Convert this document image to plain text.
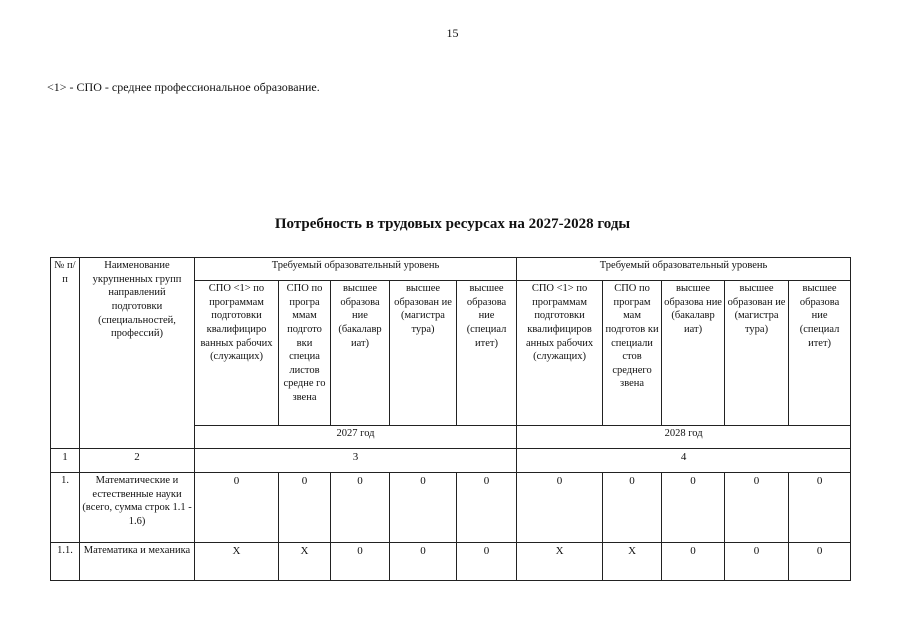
15
<1> - СПО - среднее профессиональное образование.
Потребность в трудовых ресурсах на 2027-2028 годы
№ п/п	Наименование укрупненных групп направлений подготовки (специальностей, профессий)	Требуемый образовательный уровень					Требуемый образовательный уровень				
		СПО <1> по программам подготовки квалифициро ванных рабочих (служащих)	СПО по програ ммам подгото вки специа листов средне го звена	высшее образова ние (бакалавр иат)	высшее образован ие (магистра тура)	высшее образова ние (специал итет)	СПО <1> по программам подготовки квалифициров анных рабочих (служащих)	СПО по програм мам подготов ки специали стов среднего звена	высшее образова ние (бакалавр иат)	высшее образован ие (магистра тура)	высшее образова ние (специал итет)
		2027 год					2028 год				
1	2	3					4				
1.	Математические и естественные науки (всего, сумма строк 1.1 - 1.6)	0	0	0	0	0	0	0	0	0	0
1.1.	Математика и механика	X	X	0	0	0	X	X	0	0	0
